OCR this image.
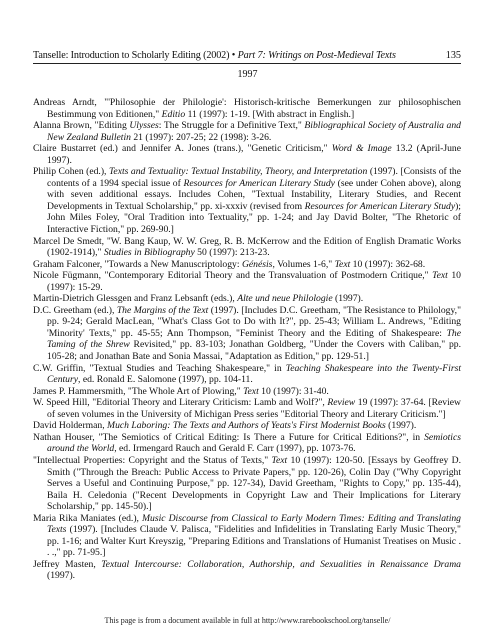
Tanselle: Introduction to Scholarly Editing (2002) • Part 7: Writings on Post-Medieval Texts	135
1997

Andreas Arndt, "'Philosophie der Philologie': Historisch-kritische Bemerkungen zur philosophischen Bestimmung von Editionen," Editio 11 (1997): 1-19. [With abstract in English.]

Alanna Brown, "Editing Ulysses: The Struggle for a Definitive Text," Bibliographical Society of Australia and New Zealand Bulletin 21 (1997): 207-25; 22 (1998): 3-26.

Claire Bustarret (ed.) and Jennifer A. Jones (trans.), "Genetic Criticism," Word & Image 13.2 (April-June 1997).

Philip Cohen (ed.), Texts and Textuality: Textual Instability, Theory, and Interpretation (1997). [Consists of the contents of a 1994 special issue of Resources for American Literary Study (see under Cohen above), along with seven additional essays. Includes Cohen, "Textual Instability, Literary Studies, and Recent Developments in Textual Scholarship," pp. xi-xxxiv (revised from Resources for American Literary Study); John Miles Foley, "Oral Tradition into Textuality," pp. 1-24; and Jay David Bolter, "The Rhetoric of Interactive Fiction," pp. 269-90.]

Marcel De Smedt, "W. Bang Kaup, W. W. Greg, R. B. McKerrow and the Edition of English Dramatic Works (1902-1914)," Studies in Bibliography 50 (1997): 213-23.

Graham Falconer, "Towards a New Manuscriptology: Génésis, Volumes 1-6," Text 10 (1997): 362-68.

Nicole Fügmann, "Contemporary Editorial Theory and the Transvaluation of Postmodern Critique," Text 10 (1997): 15-29.

Martin-Dietrich Glessgen and Franz Lebsanft (eds.), Alte und neue Philologie (1997).

D.C. Greetham (ed.), The Margins of the Text (1997). [Includes D.C. Greetham, "The Resistance to Philology," pp. 9-24; Gerald MacLean, "What's Class Got to Do with It?", pp. 25-43; William L. Andrews, "Editing 'Minority' Texts," pp. 45-55; Ann Thompson, "Feminist Theory and the Editing of Shakespeare: The Taming of the Shrew Revisited," pp. 83-103; Jonathan Goldberg, "Under the Covers with Caliban," pp. 105-28; and Jonathan Bate and Sonia Massai, "Adaptation as Edition," pp. 129-51.]

C.W. Griffin, "Textual Studies and Teaching Shakespeare," in Teaching Shakespeare into the Twenty-First Century, ed. Ronald E. Salomone (1997), pp. 104-11.

James P. Hammersmith, "The Whole Art of Plowing," Text 10 (1997): 31-40.

W. Speed Hill, "Editorial Theory and Literary Criticism: Lamb and Wolf?", Review 19 (1997): 37-64. [Review of seven volumes in the University of Michigan Press series "Editorial Theory and Literary Criticism."]

David Holderman, Much Laboring: The Texts and Authors of Yeats's First Modernist Books (1997).

Nathan Houser, "The Semiotics of Critical Editing: Is There a Future for Critical Editions?", in Semiotics around the World, ed. Irmengard Rauch and Gerald F. Carr (1997), pp. 1073-76.

"Intellectual Properties: Copyright and the Status of Texts," Text 10 (1997): 120-50. [Essays by Geoffrey D. Smith ("Through the Breach: Public Access to Private Papers," pp. 120-26), Colin Day ("Why Copyright Serves a Useful and Continuing Purpose," pp. 127-34), David Greetham, "Rights to Copy," pp. 135-44), Baila H. Celedonia ("Recent Developments in Copyright Law and Their Implications for Literary Scholarship," pp. 145-50).]

Maria Rika Maniates (ed.), Music Discourse from Classical to Early Modern Times: Editing and Translating Texts (1997). [Includes Claude V. Palisca, "Fidelities and Infidelities in Translating Early Music Theory," pp. 1-16; and Walter Kurt Kreyszig, "Preparing Editions and Translations of Humanist Treatises on Music . . .," pp. 71-95.]

Jeffrey Masten, Textual Intercourse: Collaboration, Authorship, and Sexualities in Renaissance Drama (1997).

This page is from a document available in full at http://www.rarebookschool.org/tanselle/
